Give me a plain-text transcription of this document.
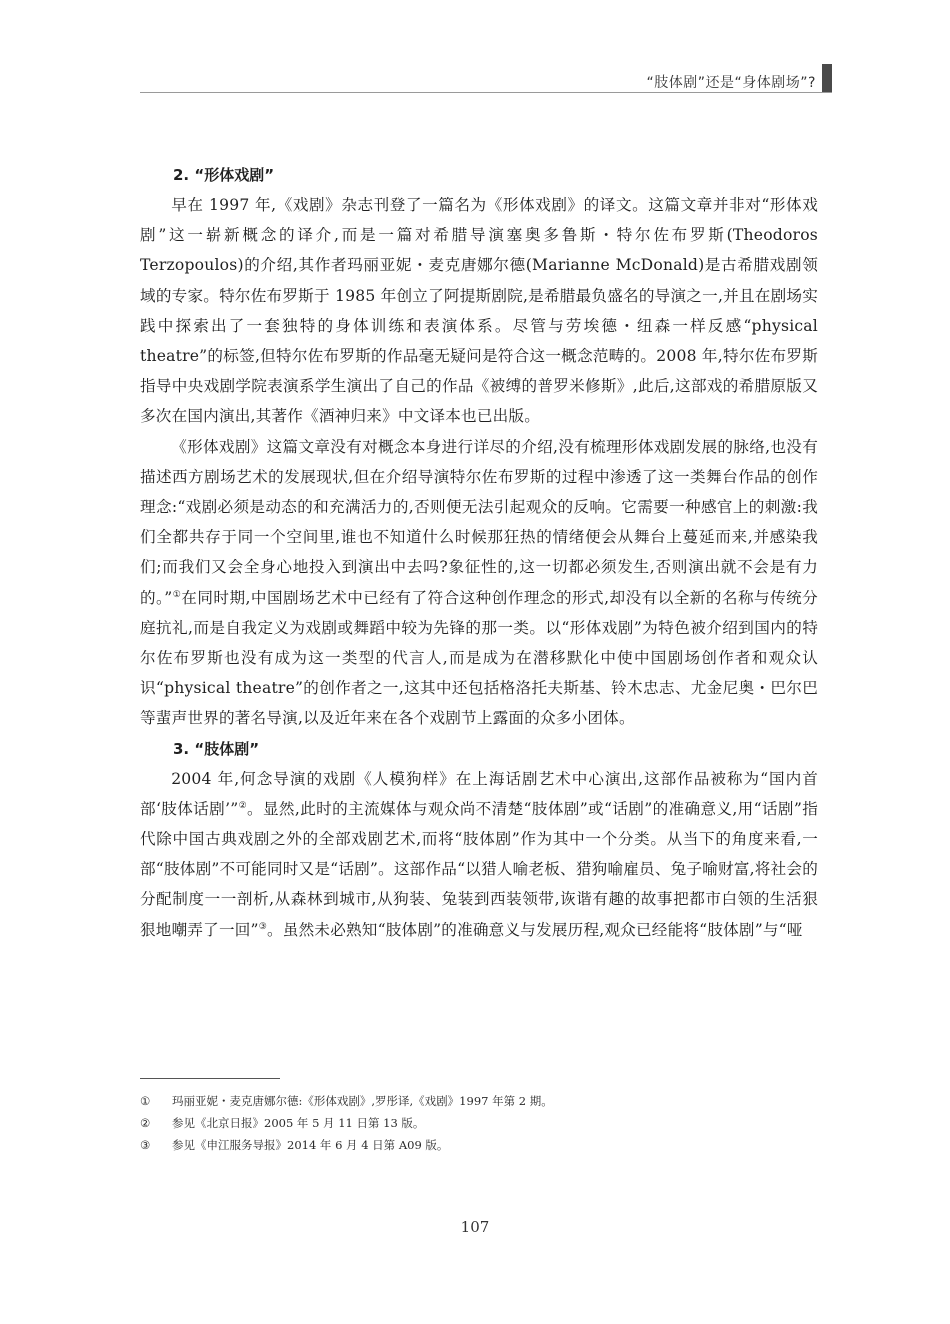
“肢体剧”还是“身体剧场”?
2. “形体戏剧”

早在 1997 年,《戏剧》杂志刊登了一篇名为《形体戏剧》的译文。这篇文章并非对“形体戏剧”这一崭新概念的译介,而是一篇对希腊导演塞奥多鲁斯・特尔佐布罗斯(Theodoros Terzopoulos)的介绍,其作者玛丽亚妮・麦克唐娜尔德(Marianne McDonald)是古希腊戏剧领域的专家。特尔佐布罗斯于 1985 年创立了阿提斯剧院,是希腊最负盛名的导演之一,并且在剧场实践中探索出了一套独特的身体训练和表演体系。尽管与劳埃德・纽森一样反感“physical theatre”的标签,但特尔佐布罗斯的作品毫无疑问是符合这一概念范畴的。2008 年,特尔佐布罗斯指导中央戏剧学院表演系学生演出了自己的作品《被缚的普罗米修斯》,此后,这部戏的希腊原版又多次在国内演出,其著作《酒神归来》中文译本也已出版。

《形体戏剧》这篇文章没有对概念本身进行详尽的介绍,没有梳理形体戏剧发展的脉络,也没有描述西方剧场艺术的发展现状,但在介绍导演特尔佐布罗斯的过程中渗透了这一类舞台作品的创作理念:“戏剧必须是动态的和充满活力的,否则便无法引起观众的反响。它需要一种感官上的刺激:我们全都共存于同一个空间里,谁也不知道什么时候那狂热的情绪便会从舞台上蔓延而来,并感染我们;而我们又会全身心地投入到演出中去吗?象征性的,这一切都必须发生,否则演出就不会是有力的。”①在同时期,中国剧场艺术中已经有了符合这种创作理念的形式,却没有以全新的名称与传统分庭抗礼,而是自我定义为戏剧或舞蹈中较为先锋的那一类。以“形体戏剧”为特色被介绍到国内的特尔佐布罗斯也没有成为这一类型的代言人,而是成为在潜移默化中使中国剧场创作者和观众认识“physical theatre”的创作者之一,这其中还包括格洛托夫斯基、铃木忠志、尤金尼奥・巴尔巴等蜚声世界的著名导演,以及近年来在各个戏剧节上露面的众多小团体。

3. “肢体剧”

2004 年,何念导演的戏剧《人模狗样》在上海话剧艺术中心演出,这部作品被称为“国内首部‘肢体话剧’”②。显然,此时的主流媒体与观众尚不清楚“肢体剧”或“话剧”的准确意义,用“话剧”指代除中国古典戏剧之外的全部戏剧艺术,而将“肢体剧”作为其中一个分类。从当下的角度来看,一部“肢体剧”不可能同时又是“话剧”。这部作品“以猎人喻老板、猎狗喻雇员、兔子喻财富,将社会的分配制度一一剖析,从森林到城市,从狗装、兔装到西装领带,诙谐有趣的故事把都市白领的生活狠狠地嘲弄了一回”③。虽然未必熟知“肢体剧”的准确意义与发展历程,观众已经能将“肢体剧”与“哑

① 玛丽亚妮・麦克唐娜尔德:《形体戏剧》,罗彤译,《戏剧》1997 年第 2 期。

② 参见《北京日报》2005 年 5 月 11 日第 13 版。

③ 参见《申江服务导报》2014 年 6 月 4 日第 A09 版。

107
